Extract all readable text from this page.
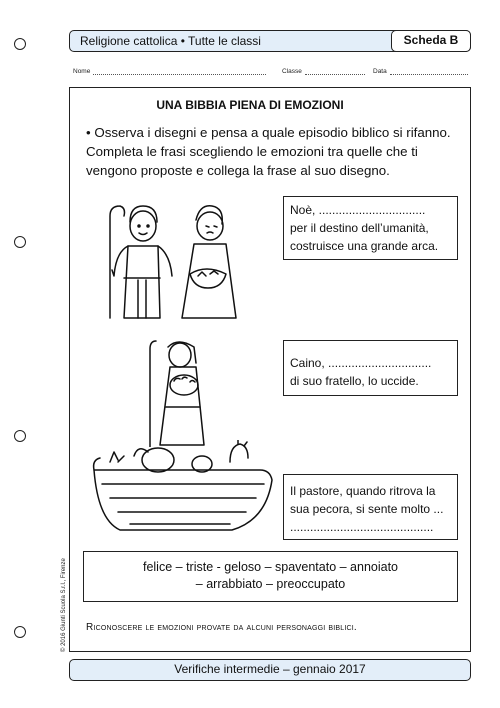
Religione cattolica • Tutte le classi	Scheda B
Nome	Classe	Data
UNA BIBBIA PIENA DI EMOZIONI
• Osserva i disegni e pensa a quale episodio biblico si rifanno. Completa le frasi scegliendo le emozioni tra quelle che ti vengono proposte e collega la frase al suo disegno.
Noè, ................................
per il destino dell’umanità,
costruisce una grande arca.
Caino, ...............................
di suo fratello, lo uccide.
Il pastore, quando ritrova la
sua pecora, si sente molto ...
...........................................
felice – triste - geloso – spaventato – annoiato
– arrabbiato – preoccupato
Riconoscere le emozioni provate da alcuni personaggi biblici.
Verifiche intermedie – gennaio 2017
© 2016 Giunti Scuola S.r.l., Firenze
